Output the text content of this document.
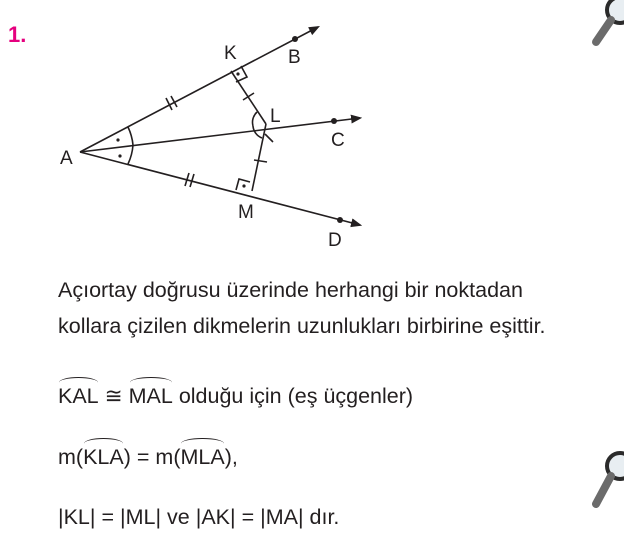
1.
A
K	B
L
C
M
D
Açıortay doğrusu üzerinde herhangi bir noktadan
kollara çizilen dikmelerin uzunlukları birbirine eşittir.
KAL ≅ MAL olduğu için (eş üçgenler)
m(KLA) = m(MLA),
|KL| = |ML| ve |AK| = |MA| dır.
